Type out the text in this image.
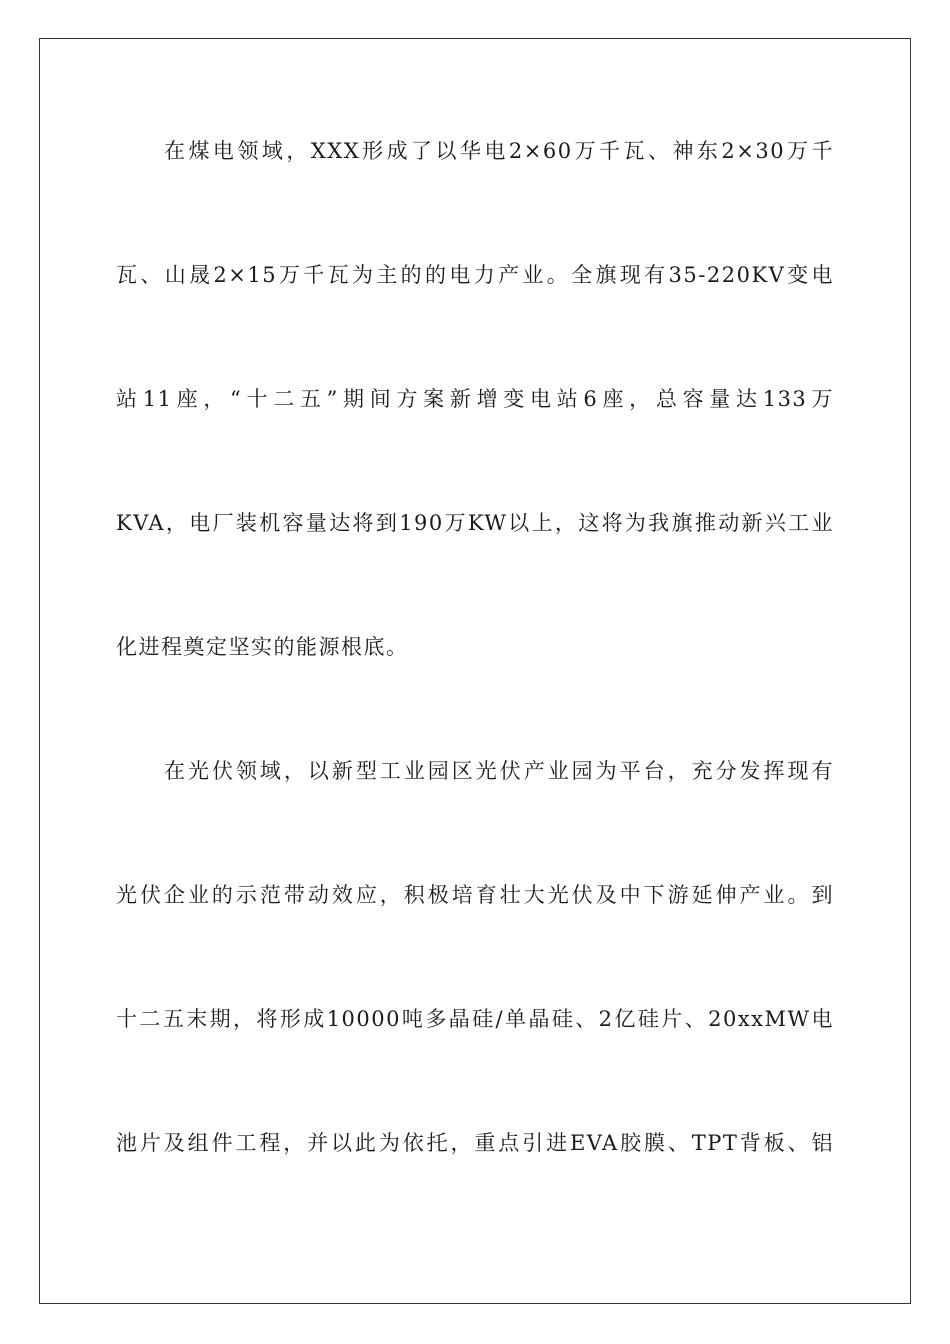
在煤电领域，XXX形成了以华电2×60万千瓦、神东2×30万千
瓦、山晟2×15万千瓦为主的的电力产业。全旗现有35-220KV变电
站11座，“十二五”期间方案新增变电站6座，总容量达133万
KVA，电厂装机容量达将到190万KW以上，这将为我旗推动新兴工业
化进程奠定坚实的能源根底。
在光伏领域，以新型工业园区光伏产业园为平台，充分发挥现有
光伏企业的示范带动效应，积极培育壮大光伏及中下游延伸产业。到
十二五末期，将形成10000吨多晶硅/单晶硅、2亿硅片、20xxMW电
池片及组件工程，并以此为依托，重点引进EVA胶膜、TPT背板、铝
